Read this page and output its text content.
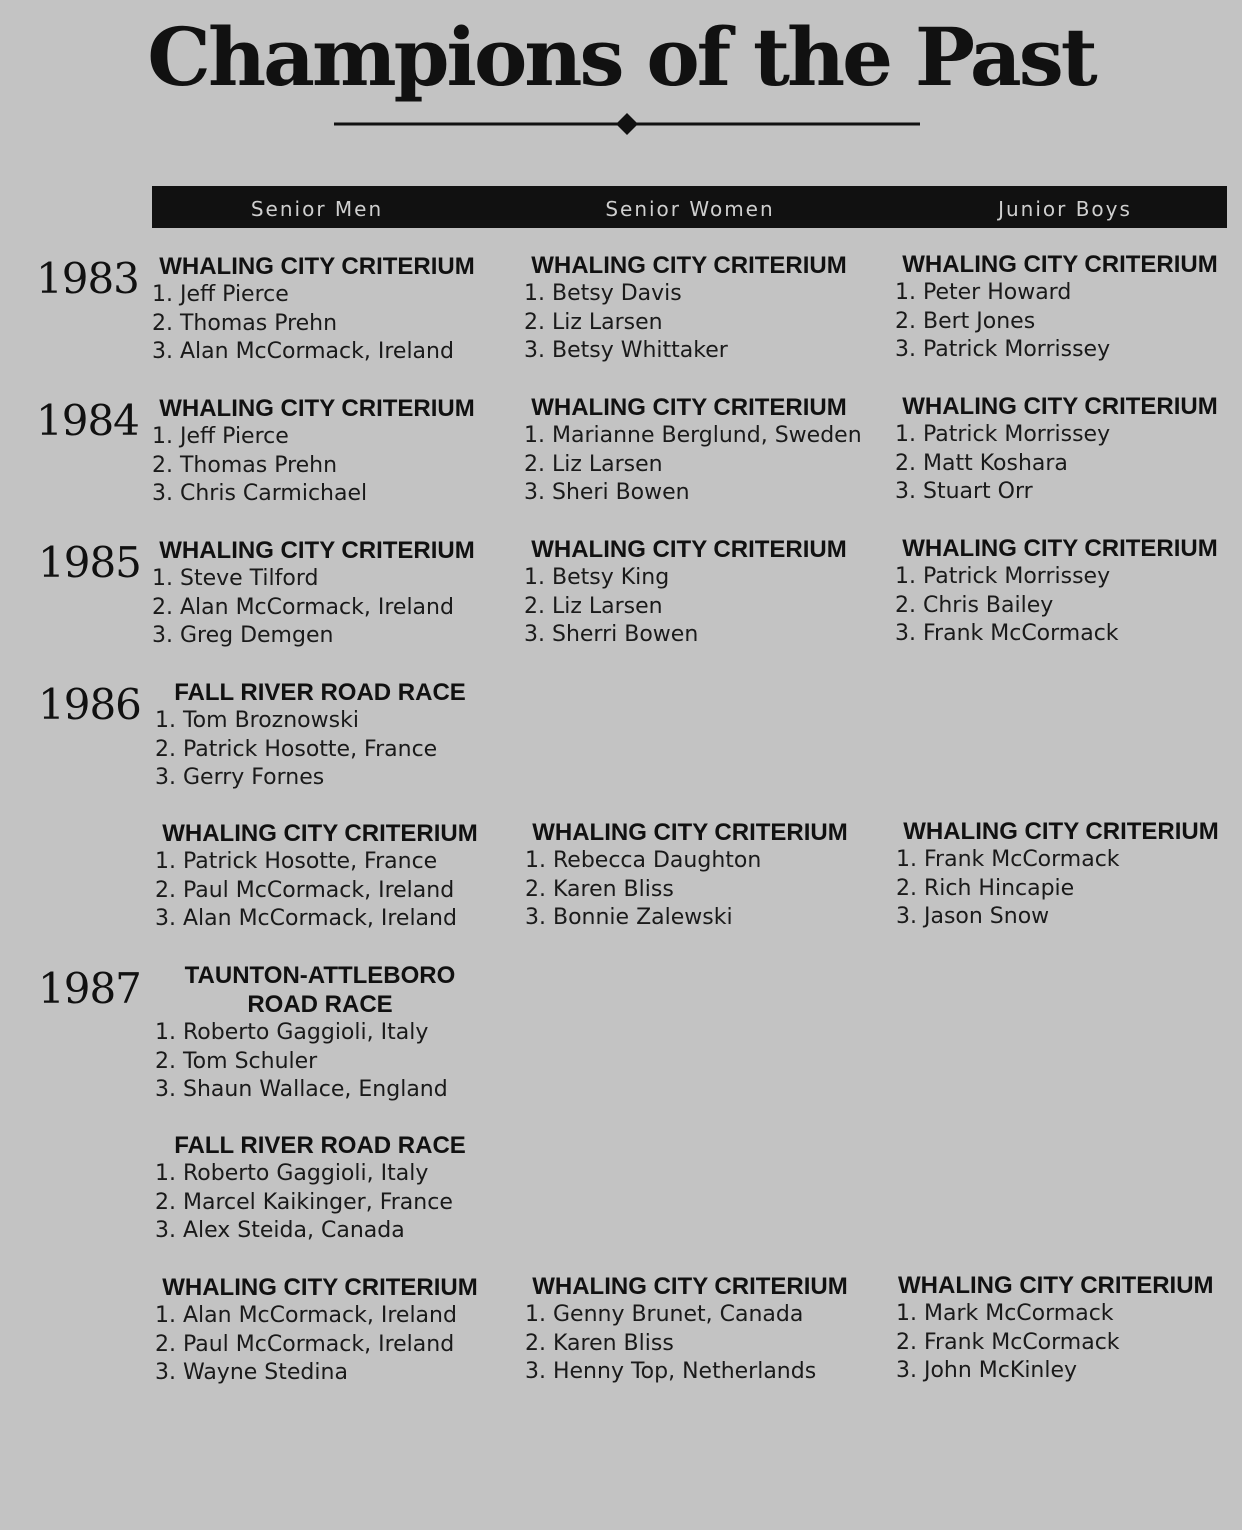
Champions of the Past
Senior Men	Senior Women	Junior Boys
1983
1984
1985
1986
1987
WHALING CITY CRITERIUM
1. Jeff Pierce
2. Thomas Prehn
3. Alan McCormack, Ireland
WHALING CITY CRITERIUM
1. Betsy Davis
2. Liz Larsen
3. Betsy Whittaker
WHALING CITY CRITERIUM
1. Peter Howard
2. Bert Jones
3. Patrick Morrissey
WHALING CITY CRITERIUM
1. Jeff Pierce
2. Thomas Prehn
3. Chris Carmichael
WHALING CITY CRITERIUM
1. Marianne Berglund, Sweden
2. Liz Larsen
3. Sheri Bowen
WHALING CITY CRITERIUM
1. Patrick Morrissey
2. Matt Koshara
3. Stuart Orr
WHALING CITY CRITERIUM
1. Steve Tilford
2. Alan McCormack, Ireland
3. Greg Demgen
WHALING CITY CRITERIUM
1. Betsy King
2. Liz Larsen
3. Sherri Bowen
WHALING CITY CRITERIUM
1. Patrick Morrissey
2. Chris Bailey
3. Frank McCormack
FALL RIVER ROAD RACE
1. Tom Broznowski
2. Patrick Hosotte, France
3. Gerry Fornes
WHALING CITY CRITERIUM
1. Patrick Hosotte, France
2. Paul McCormack, Ireland
3. Alan McCormack, Ireland
WHALING CITY CRITERIUM
1. Rebecca Daughton
2. Karen Bliss
3. Bonnie Zalewski
WHALING CITY CRITERIUM
1. Frank McCormack
2. Rich Hincapie
3. Jason Snow
TAUNTON-ATTLEBORO
ROAD RACE
1. Roberto Gaggioli, Italy
2. Tom Schuler
3. Shaun Wallace, England
FALL RIVER ROAD RACE
1. Roberto Gaggioli, Italy
2. Marcel Kaikinger, France
3. Alex Steida, Canada
WHALING CITY CRITERIUM
1. Alan McCormack, Ireland
2. Paul McCormack, Ireland
3. Wayne Stedina
WHALING CITY CRITERIUM
1. Genny Brunet, Canada
2. Karen Bliss
3. Henny Top, Netherlands
WHALING CITY CRITERIUM
1. Mark McCormack
2. Frank McCormack
3. John McKinley
